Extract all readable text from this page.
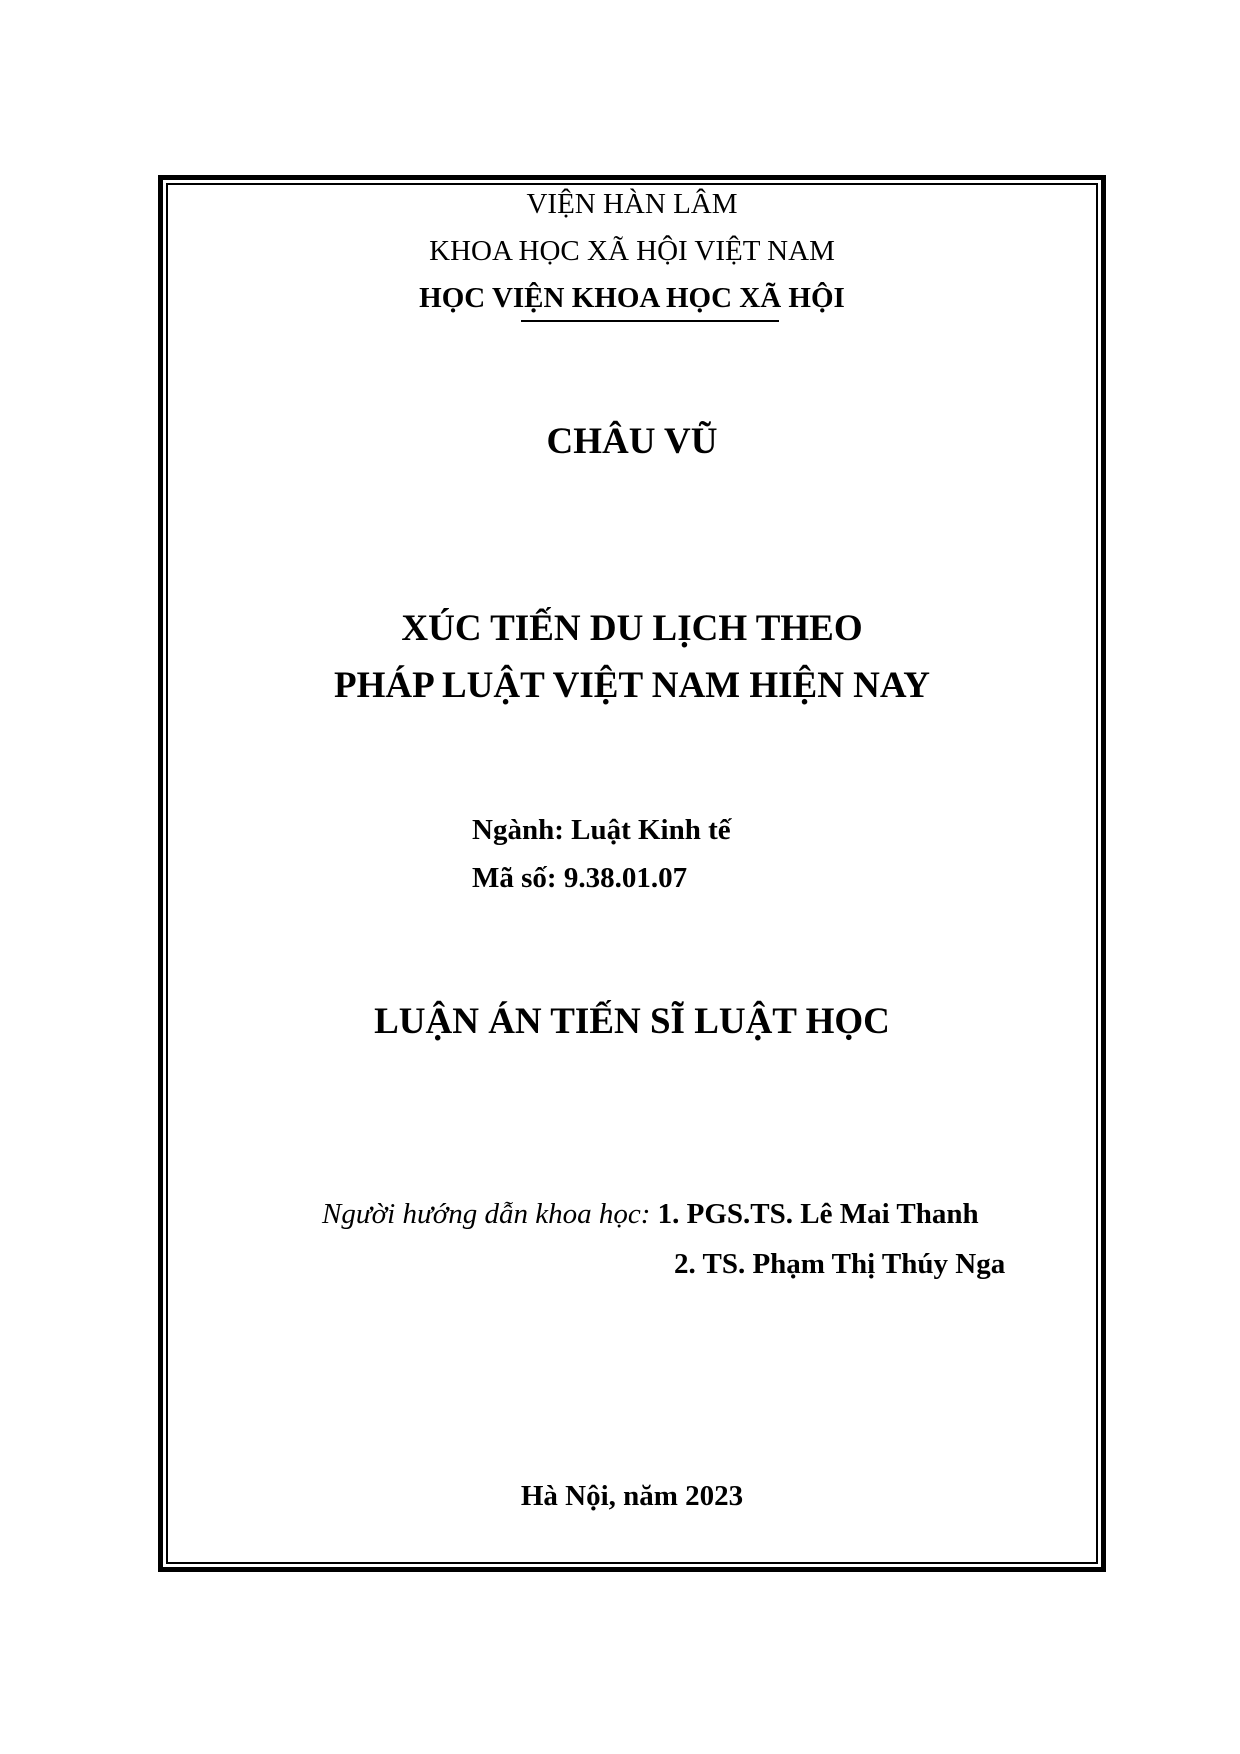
VIỆN HÀN LÂM
KHOA HỌC XÃ HỘI VIỆT NAM
HỌC VIỆN KHOA HỌC XÃ HỘI
CHÂU VŨ
XÚC TIẾN DU LỊCH THEO
PHÁP LUẬT VIỆT NAM HIỆN NAY
Ngành: Luật Kinh tế
Mã số: 9.38.01.07
LUẬN ÁN TIẾN SĨ LUẬT HỌC
Người hướng dẫn khoa học: 1. PGS.TS. Lê Mai Thanh
2. TS. Phạm Thị Thúy Nga
Hà Nội, năm 2023
